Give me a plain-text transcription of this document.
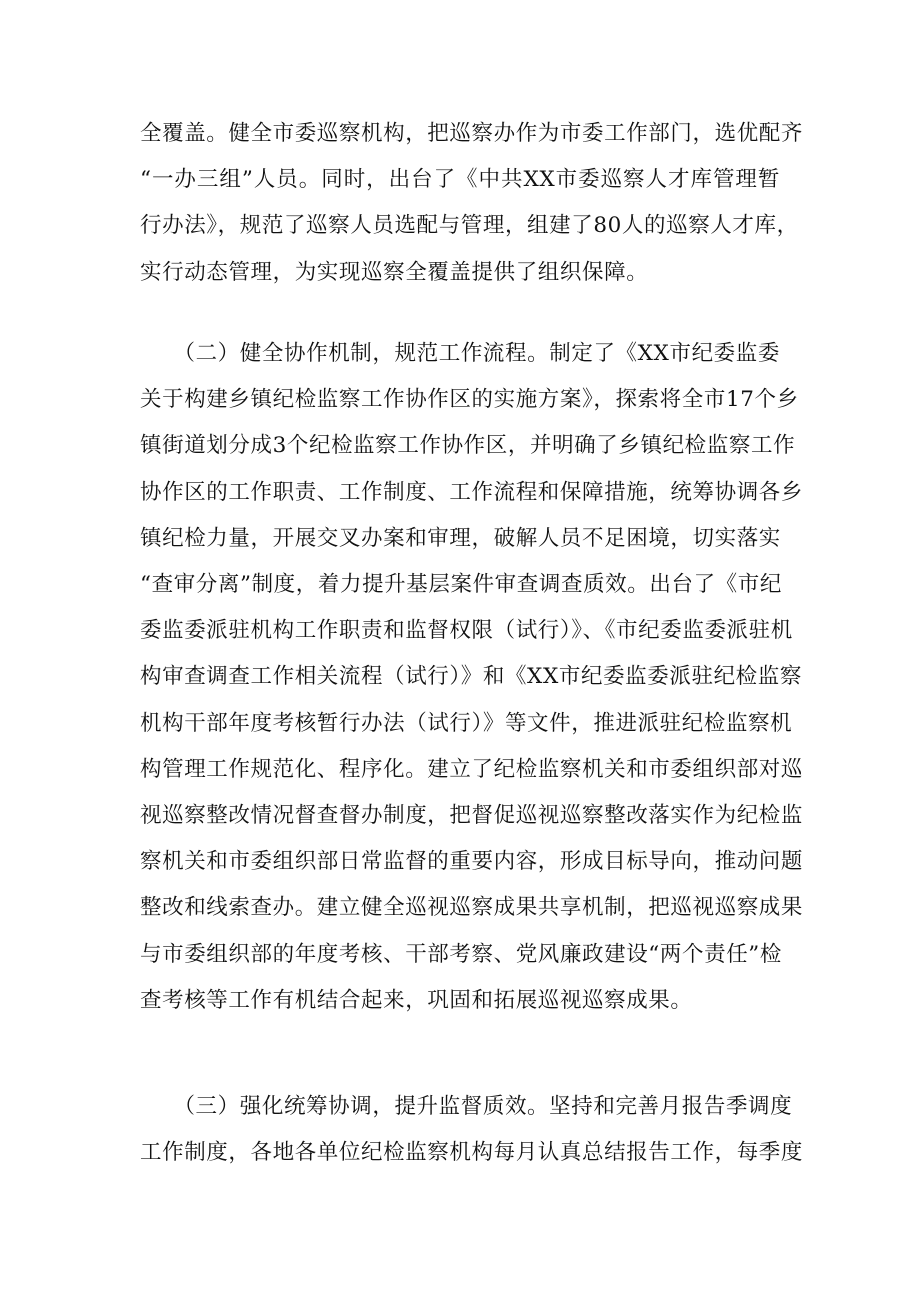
全覆盖。健全市委巡察机构，把巡察办作为市委工作部门，选优配齐
“一办三组”人员。同时，出台了《中共XX市委巡察人才库管理暂
行办法》，规范了巡察人员选配与管理，组建了80人的巡察人才库，
实行动态管理，为实现巡察全覆盖提供了组织保障。
　　（二）健全协作机制，规范工作流程。制定了《XX市纪委监委
关于构建乡镇纪检监察工作协作区的实施方案》，探索将全市17个乡
镇街道划分成3个纪检监察工作协作区，并明确了乡镇纪检监察工作
协作区的工作职责、工作制度、工作流程和保障措施，统筹协调各乡
镇纪检力量，开展交叉办案和审理，破解人员不足困境，切实落实
“查审分离”制度，着力提升基层案件审查调查质效。出台了《市纪
委监委派驻机构工作职责和监督权限（试行）》、《市纪委监委派驻机
构审查调查工作相关流程（试行）》和《XX市纪委监委派驻纪检监察
机构干部年度考核暂行办法（试行）》等文件，推进派驻纪检监察机
构管理工作规范化、程序化。建立了纪检监察机关和市委组织部对巡
视巡察整改情况督查督办制度，把督促巡视巡察整改落实作为纪检监
察机关和市委组织部日常监督的重要内容，形成目标导向，推动问题
整改和线索查办。建立健全巡视巡察成果共享机制，把巡视巡察成果
与市委组织部的年度考核、干部考察、党风廉政建设“两个责任”检
查考核等工作有机结合起来，巩固和拓展巡视巡察成果。
　　（三）强化统筹协调，提升监督质效。坚持和完善月报告季调度
工作制度，各地各单位纪检监察机构每月认真总结报告工作，每季度
